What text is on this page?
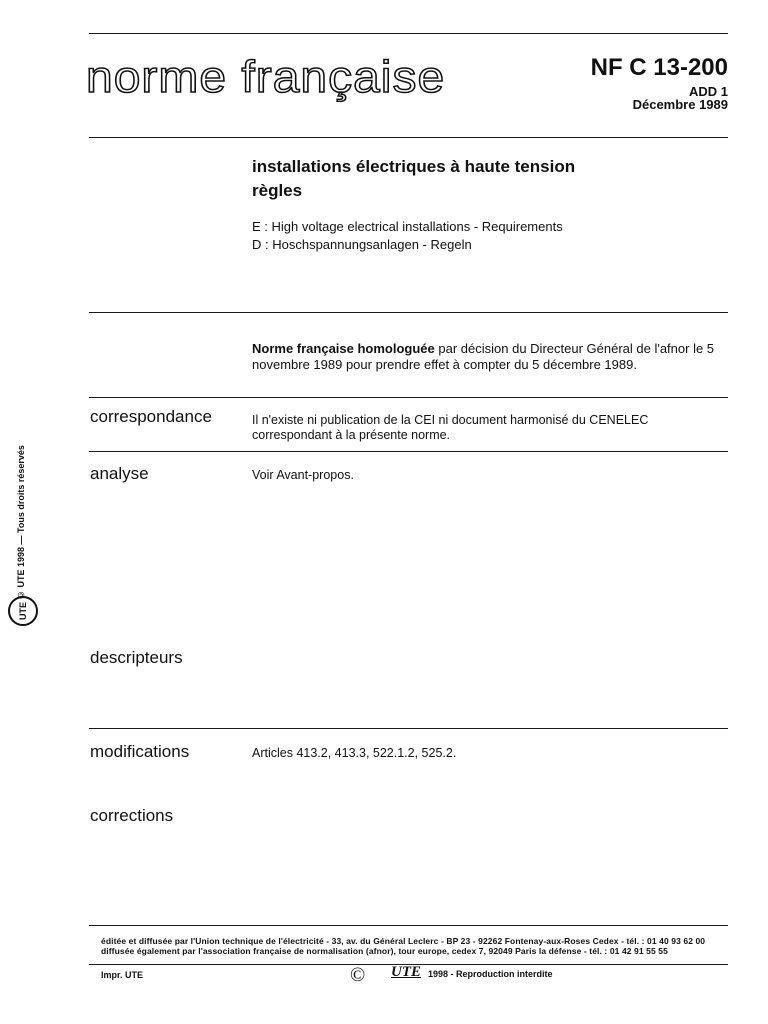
© UTE 1998 — Tous droits réservés
UTE
norme française	NF C 13-200
ADD 1
Décembre 1989
installations électriques à haute tension
règles
E : High voltage electrical installations - Requirements
D : Hoschspannungsanlagen - Regeln
Norme française homologuée par décision du Directeur Général de l'afnor le 5 novembre 1989 pour prendre effet à compter du 5 décembre 1989.
correspondance	Il n'existe ni publication de la CEI ni document harmonisé du CENELEC correspondant à la présente norme.
analyse	Voir Avant-propos.
descripteurs
modifications	Articles 413.2, 413.3, 522.1.2, 525.2.
corrections
éditée et diffusée par l'Union technique de l'électricité - 33, av. du Général Leclerc - BP 23 - 92262 Fontenay-aux-Roses Cedex - tél. : 01 40 93 62 00
diffusée également par l'association française de normalisation (afnor), tour europe, cedex 7, 92049 Paris la défense - tél. : 01 42 91 55 55
Impr. UTE	© UTE 1998 - Reproduction interdite
